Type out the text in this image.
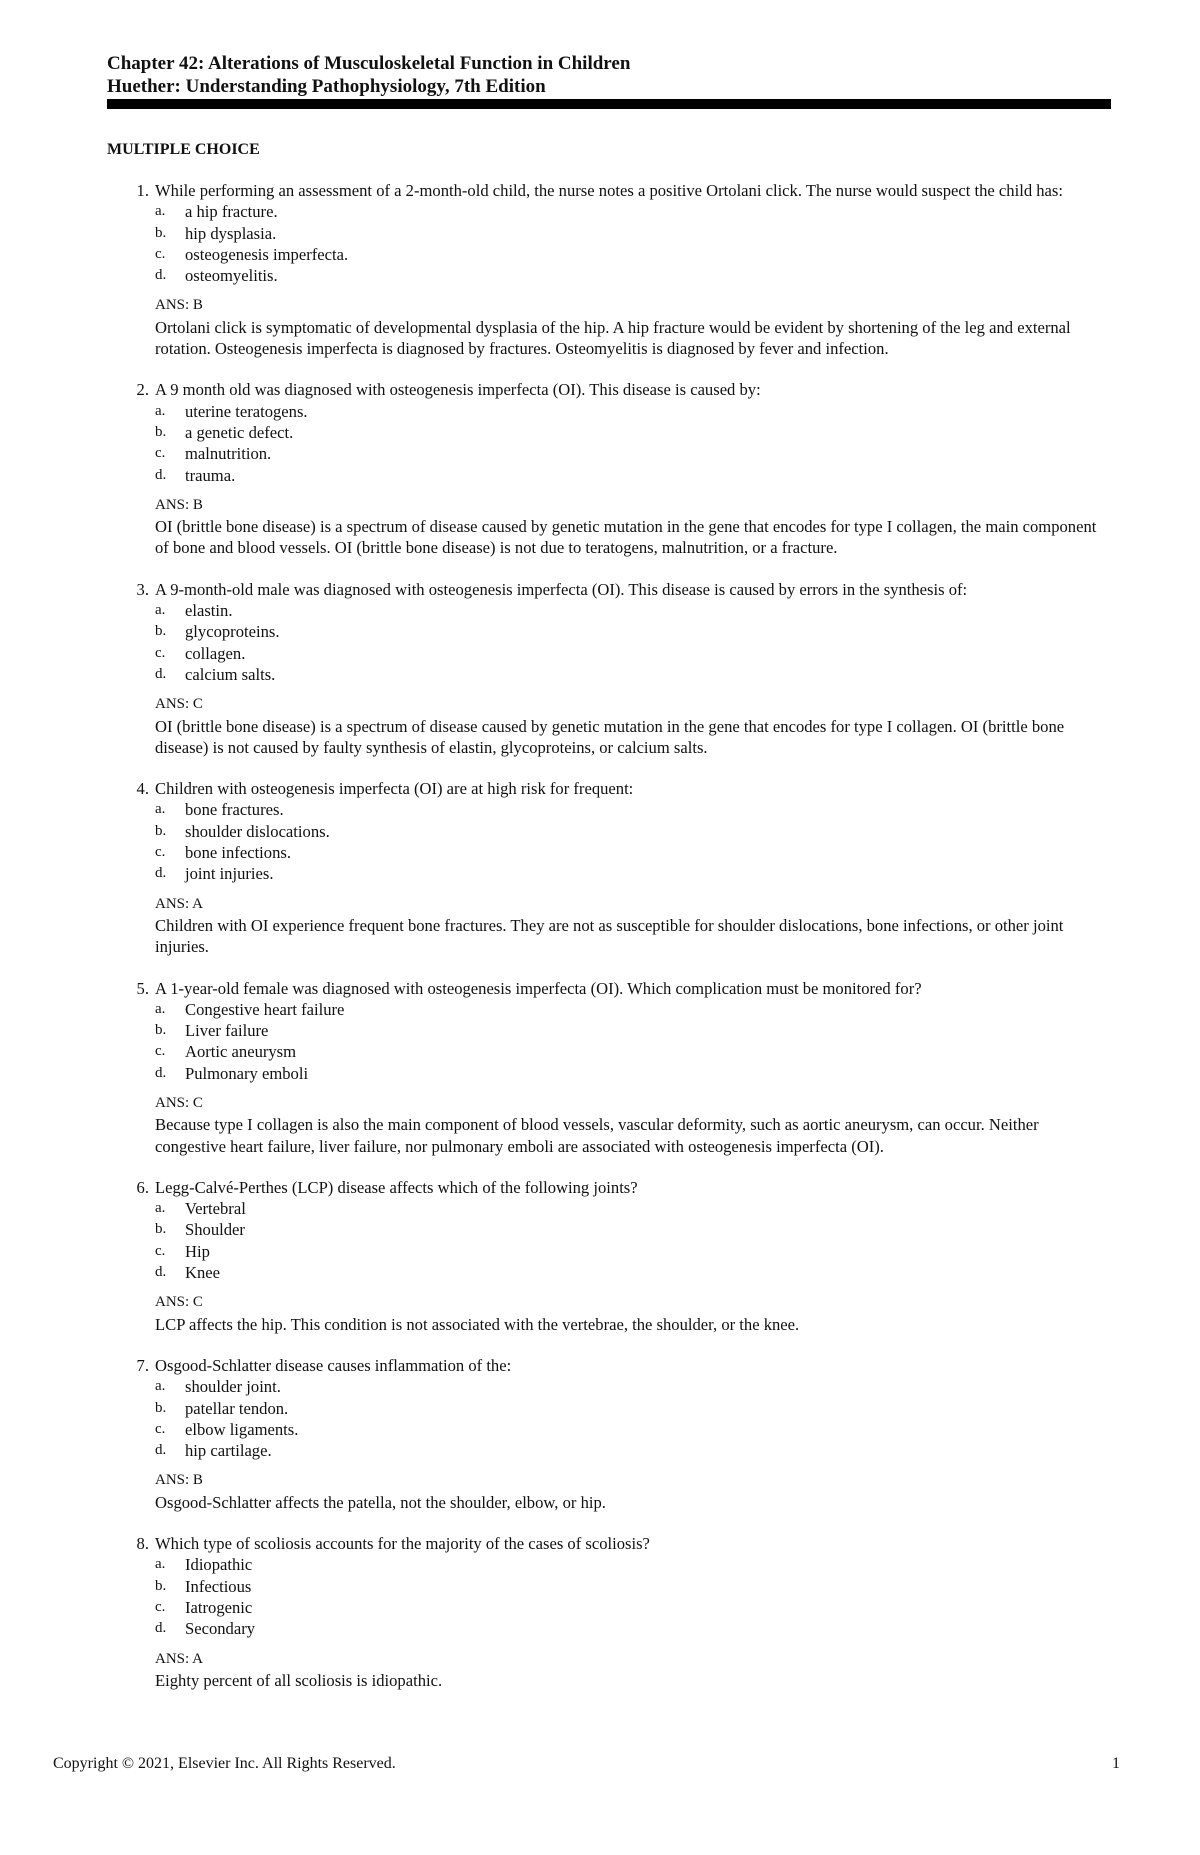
Chapter 42: Alterations of Musculoskeletal Function in Children
Huether: Understanding Pathophysiology, 7th Edition
MULTIPLE CHOICE
1. While performing an assessment of a 2-month-old child, the nurse notes a positive Ortolani click. The nurse would suspect the child has:
a. a hip fracture.
b. hip dysplasia.
c. osteogenesis imperfecta.
d. osteomyelitis.
ANS: B
Ortolani click is symptomatic of developmental dysplasia of the hip. A hip fracture would be evident by shortening of the leg and external rotation. Osteogenesis imperfecta is diagnosed by fractures. Osteomyelitis is diagnosed by fever and infection.
2. A 9 month old was diagnosed with osteogenesis imperfecta (OI). This disease is caused by:
a. uterine teratogens.
b. a genetic defect.
c. malnutrition.
d. trauma.
ANS: B
OI (brittle bone disease) is a spectrum of disease caused by genetic mutation in the gene that encodes for type I collagen, the main component of bone and blood vessels. OI (brittle bone disease) is not due to teratogens, malnutrition, or a fracture.
3. A 9-month-old male was diagnosed with osteogenesis imperfecta (OI). This disease is caused by errors in the synthesis of:
a. elastin.
b. glycoproteins.
c. collagen.
d. calcium salts.
ANS: C
OI (brittle bone disease) is a spectrum of disease caused by genetic mutation in the gene that encodes for type I collagen. OI (brittle bone disease) is not caused by faulty synthesis of elastin, glycoproteins, or calcium salts.
4. Children with osteogenesis imperfecta (OI) are at high risk for frequent:
a. bone fractures.
b. shoulder dislocations.
c. bone infections.
d. joint injuries.
ANS: A
Children with OI experience frequent bone fractures. They are not as susceptible for shoulder dislocations, bone infections, or other joint injuries.
5. A 1-year-old female was diagnosed with osteogenesis imperfecta (OI). Which complication must be monitored for?
a. Congestive heart failure
b. Liver failure
c. Aortic aneurysm
d. Pulmonary emboli
ANS: C
Because type I collagen is also the main component of blood vessels, vascular deformity, such as aortic aneurysm, can occur. Neither congestive heart failure, liver failure, nor pulmonary emboli are associated with osteogenesis imperfecta (OI).
6. Legg-Calvé-Perthes (LCP) disease affects which of the following joints?
a. Vertebral
b. Shoulder
c. Hip
d. Knee
ANS: C
LCP affects the hip. This condition is not associated with the vertebrae, the shoulder, or the knee.
7. Osgood-Schlatter disease causes inflammation of the:
a. shoulder joint.
b. patellar tendon.
c. elbow ligaments.
d. hip cartilage.
ANS: B
Osgood-Schlatter affects the patella, not the shoulder, elbow, or hip.
8. Which type of scoliosis accounts for the majority of the cases of scoliosis?
a. Idiopathic
b. Infectious
c. Iatrogenic
d. Secondary
ANS: A
Eighty percent of all scoliosis is idiopathic.
Copyright © 2021, Elsevier Inc. All Rights Reserved.	1
